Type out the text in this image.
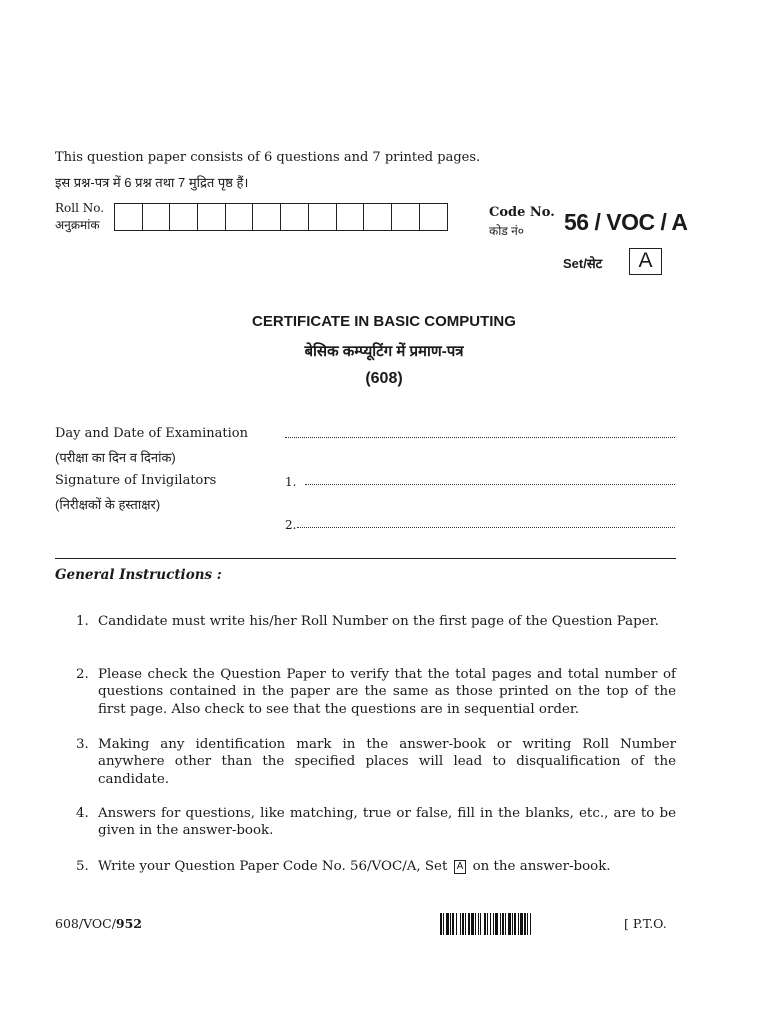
This question paper consists of 6 questions and 7 printed pages.
इस प्रश्न-पत्र में 6 प्रश्न तथा 7 मुद्रित पृष्ठ हैं।
Roll No.
अनुक्रमांक
Code No.
कोड नं० 56 / VOC / A
Set/सेट	A
CERTIFICATE IN BASIC COMPUTING
बेसिक कम्प्यूटिंग में प्रमाण-पत्र
(608)
Day and Date of Examination
(परीक्षा का दिन व दिनांक)
Signature of Invigilators	1.
(निरीक्षकों के हस्ताक्षर)
2.
General Instructions :
1. Candidate must write his/her Roll Number on the first page of the Question Paper.
2. Please check the Question Paper to verify that the total pages and total number of questions contained in the paper are the same as those printed on the top of the first page. Also check to see that the questions are in sequential order.
3. Making any identification mark in the answer-book or writing Roll Number anywhere other than the specified places will lead to disqualification of the candidate.
4. Answers for questions, like matching, true or false, fill in the blanks, etc., are to be given in the answer-book.
5. Write your Question Paper Code No. 56/VOC/A, Set A on the answer-book.
608/VOC/952	[ P.T.O.
